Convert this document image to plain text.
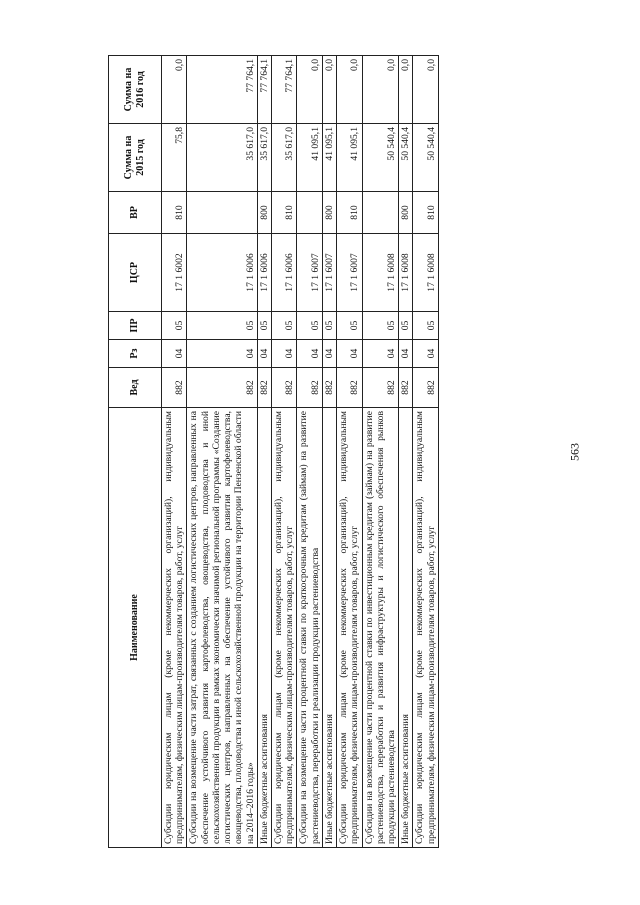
563
Наименование	Вед	Рз	ПР	ЦСР	ВР	Сумма на 2015 год	Сумма на 2016 год
Субсидии юридическим лицам (кроме некоммерческих организаций), индивидуальным предпринимателям, физическим лицам-производителям товаров, работ, услуг	882	04	05	17 1 6002	810	75,8	0,0
Субсидии на возмещение части затрат, связанных с созданием логистических центров, направленных на обеспечение устойчивого развития картофелеводства, овощеводства, плодоводства и иной сельскохозяйственной продукции в рамках экономически значимой региональной программы «Создание логистических центров, направленных на обеспечение устойчивого развития картофелеводства, овощеводства, плодоводства и иной сельскохозяйственной продукции на территории Пензенской области на 2014–2016 годы»	882	04	05	17 1 6006		35 617,0	77 764,1
Иные бюджетные ассигнования	882	04	05	17 1 6006	800	35 617,0	77 764,1
Субсидии юридическим лицам (кроме некоммерческих организаций), индивидуальным предпринимателям, физическим лицам-производителям товаров, работ, услуг	882	04	05	17 1 6006	810	35 617,0	77 764,1
Субсидии на возмещение части процентной ставки по краткосрочным кредитам (займам) на развитие растениеводства, переработки и реализации продукции растениеводства	882	04	05	17 1 6007		41 095,1	0,0
Иные бюджетные ассигнования	882	04	05	17 1 6007	800	41 095,1	0,0
Субсидии юридическим лицам (кроме некоммерческих организаций), индивидуальным предпринимателям, физическим лицам-производителям товаров, работ, услуг	882	04	05	17 1 6007	810	41 095,1	0,0
Субсидии на возмещение части процентной ставки по инвестиционным кредитам (займам) на развитие растениеводства, переработки и развития инфраструктуры и логистического обеспечения рынков продукции растениеводства	882	04	05	17 1 6008		50 540,4	0,0
Иные бюджетные ассигнования	882	04	05	17 1 6008	800	50 540,4	0,0
Субсидии юридическим лицам (кроме некоммерческих организаций), индивидуальным предпринимателям, физическим лицам-производителям товаров, работ, услуг	882	04	05	17 1 6008	810	50 540,4	0,0
